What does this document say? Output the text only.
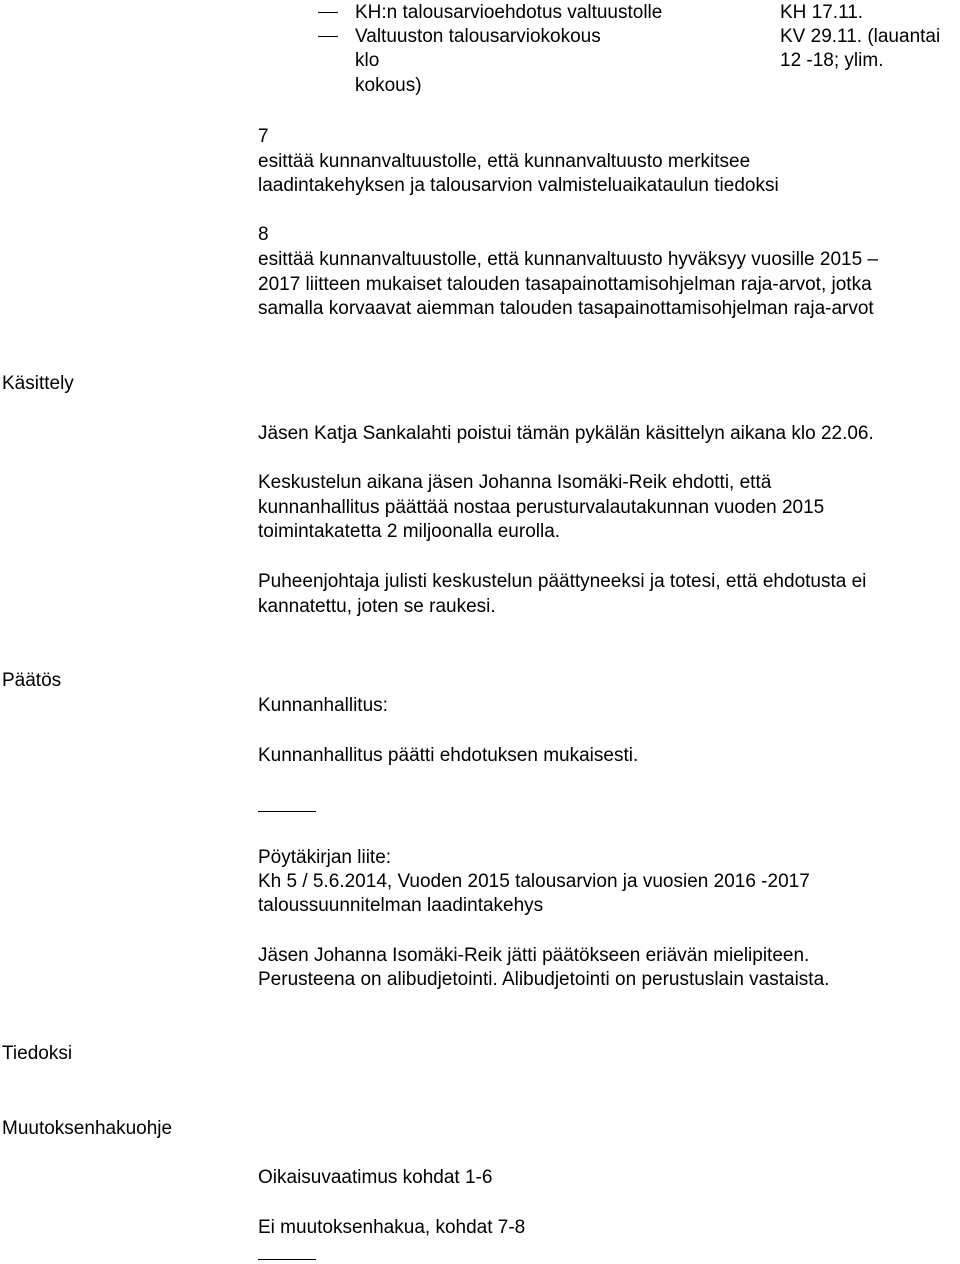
KH:n talousarvioehdotus valtuustolle	KH 17.11.
Valtuuston talousarviokokous
klo
KV 29.11. (lauantai
12 -18; ylim.
kokous)
7
esittää kunnanvaltuustolle, että kunnanvaltuusto merkitsee
laadintakehyksen ja talousarvion valmisteluaikataulun tiedoksi
8
esittää kunnanvaltuustolle, että kunnanvaltuusto hyväksyy vuosille 2015 –
2017 liitteen mukaiset talouden tasapainottamisohjelman raja-arvot, jotka
samalla korvaavat aiemman talouden tasapainottamisohjelman raja-arvot
Käsittely
Jäsen Katja Sankalahti poistui tämän pykälän käsittelyn aikana klo 22.06.
Keskustelun aikana jäsen Johanna Isomäki-Reik ehdotti, että
kunnanhallitus päättää nostaa perusturvalautakunnan vuoden 2015
toimintakatetta 2 miljoonalla eurolla.
Puheenjohtaja julisti keskustelun päättyneeksi ja totesi, että ehdotusta ei
kannatettu, joten se raukesi.
Päätös
Kunnanhallitus:
Kunnanhallitus päätti ehdotuksen mukaisesti.
Pöytäkirjan liite:
Kh 5 / 5.6.2014, Vuoden 2015 talousarvion ja vuosien 2016 -2017
taloussuunnitelman laadintakehys
Jäsen Johanna Isomäki-Reik jätti päätökseen eriävän mielipiteen.
Perusteena on alibudjetointi. Alibudjetointi on perustuslain vastaista.
Tiedoksi
Muutoksenhakuohje
Oikaisuvaatimus kohdat 1-6
Ei muutoksenhakua, kohdat 7-8
